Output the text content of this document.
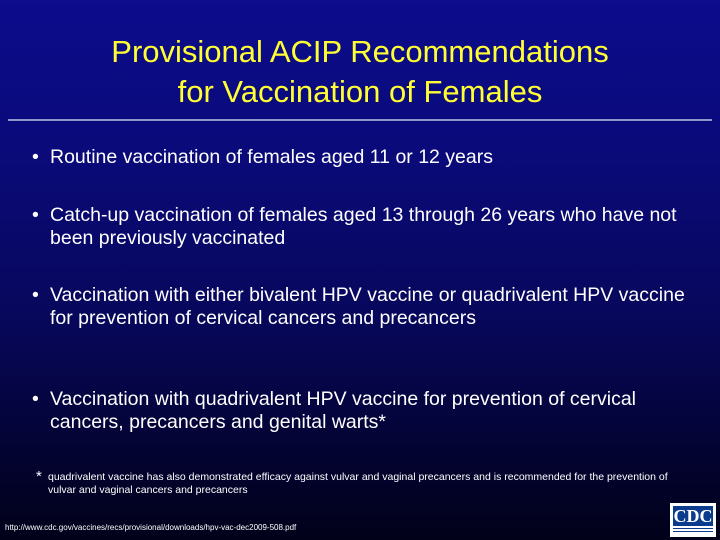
Provisional ACIP Recommendations
for Vaccination of Females
• Routine vaccination of females aged 11 or 12 years
• Catch-up vaccination of females aged 13 through 26 years who have not been previously vaccinated
• Vaccination with either bivalent HPV vaccine or quadrivalent HPV vaccine for prevention of cervical cancers and precancers
• Vaccination with quadrivalent HPV vaccine for prevention of cervical cancers, precancers and genital warts*
* quadrivalent vaccine has also demonstrated efficacy against vulvar and vaginal precancers and is recommended for the prevention of vulvar and vaginal cancers and precancers
http://www.cdc.gov/vaccines/recs/provisional/downloads/hpv-vac-dec2009-508.pdf
CDC
